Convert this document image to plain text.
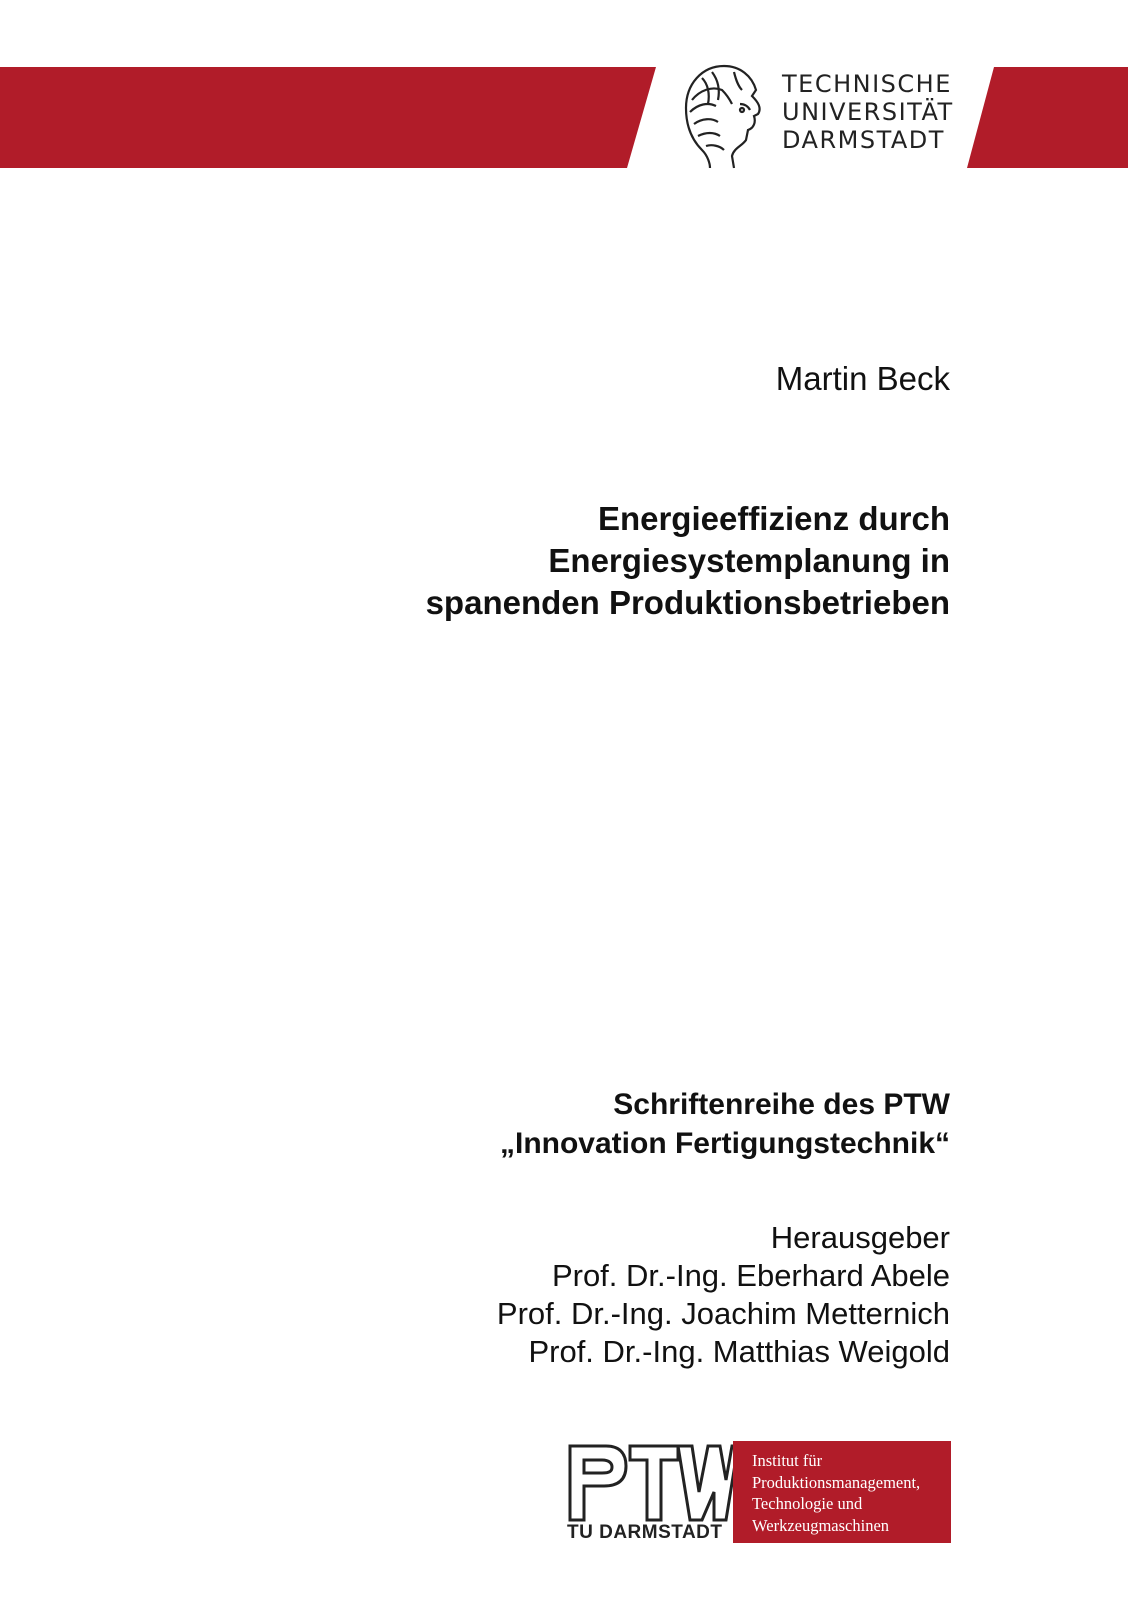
TECHNISCHE
UNIVERSITÄT
DARMSTADT
Martin Beck
Energieeffizienz durch
Energiesystemplanung in
spanenden Produktionsbetrieben
Schriftenreihe des PTW
„Innovation Fertigungstechnik“
Herausgeber
Prof. Dr.-Ing. Eberhard Abele
Prof. Dr.-Ing. Joachim Metternich
Prof. Dr.-Ing. Matthias Weigold
Institut für
Produktionsmanagement,
Technologie und
Werkzeugmaschinen
TU DARMSTADT
